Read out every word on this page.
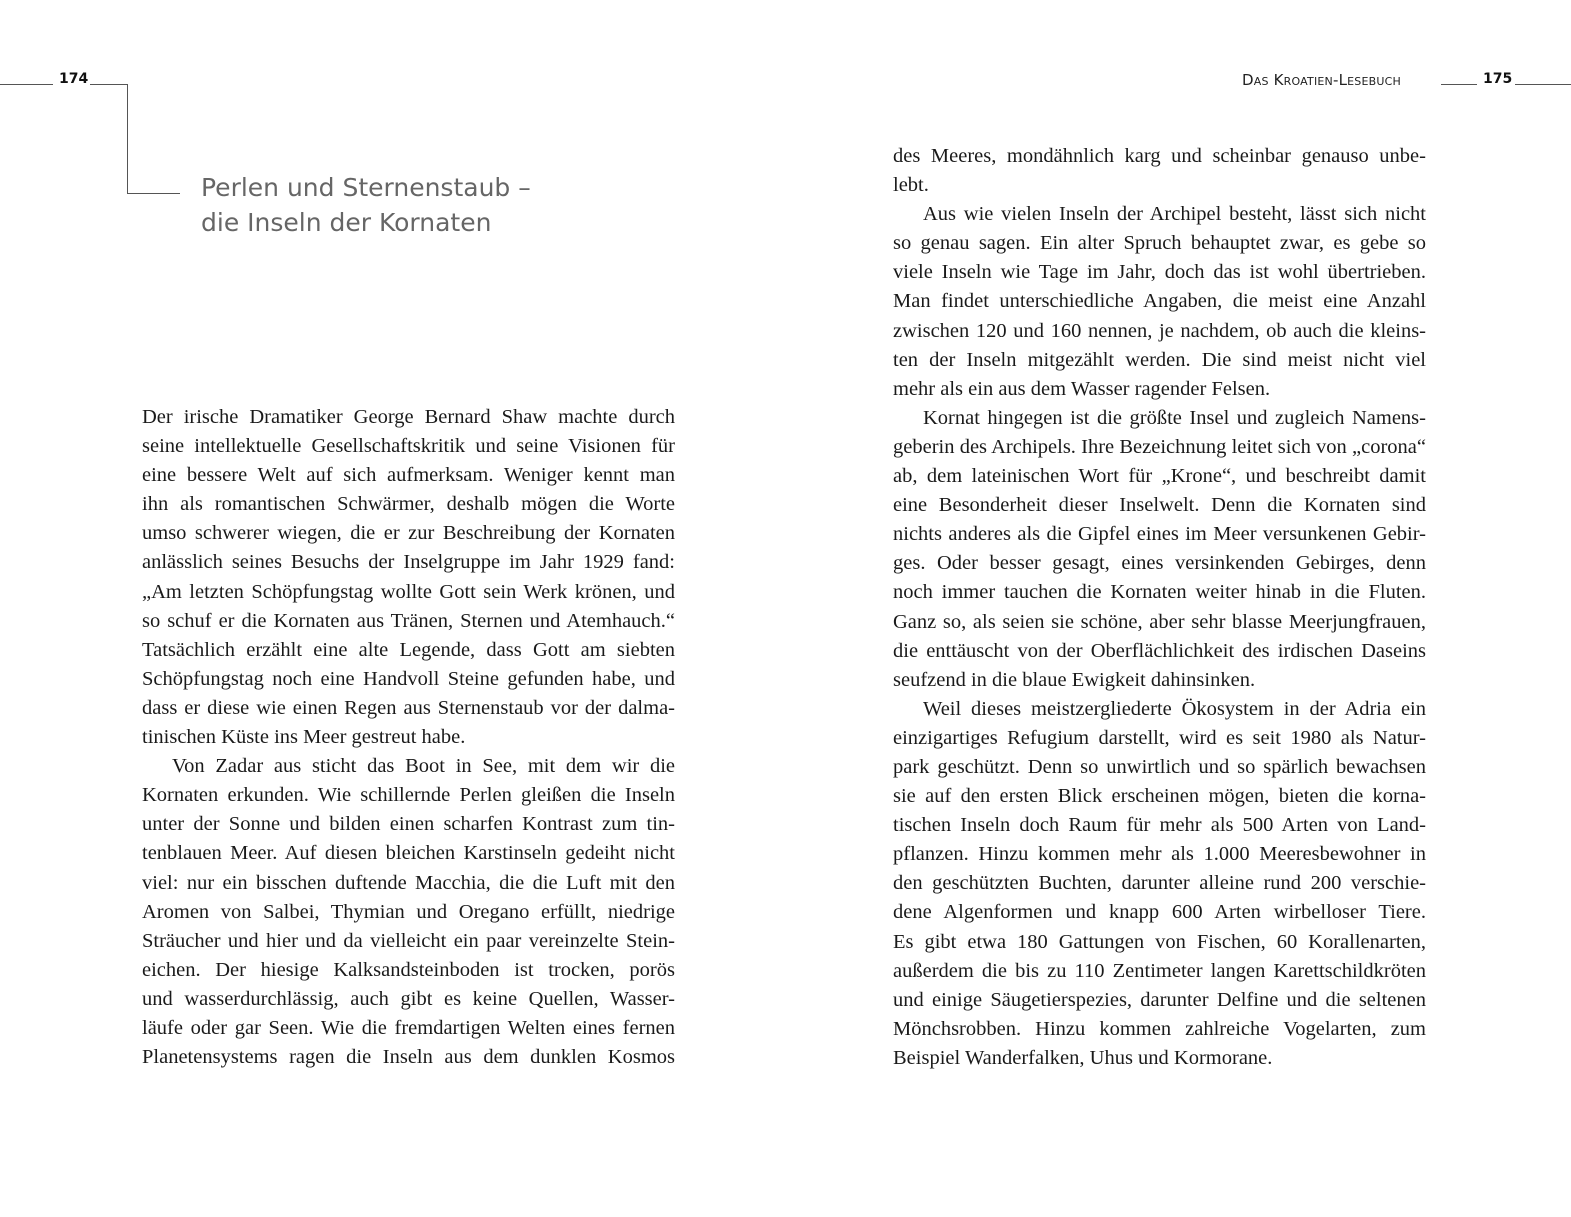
174
Perlen und Sternenstaub –
die Inseln der Kornaten
Das Kroatien-Lesebuch	175
Der irische Dramatiker George Bernard Shaw machte durch
seine intellektuelle Gesellschaftskritik und seine Visionen für
eine bessere Welt auf sich aufmerksam. Weniger kennt man
ihn als romantischen Schwärmer, deshalb mögen die Worte
umso schwerer wiegen, die er zur Beschreibung der Kornaten
anlässlich seines Besuchs der Inselgruppe im Jahr 1929 fand:
„Am letzten Schöpfungstag wollte Gott sein Werk krönen, und
so schuf er die Kornaten aus Tränen, Sternen und Atemhauch.“
Tatsächlich erzählt eine alte Legende, dass Gott am siebten
Schöpfungstag noch eine Handvoll Steine gefunden habe, und
dass er diese wie einen Regen aus Sternenstaub vor der dalma-
tinischen Küste ins Meer gestreut habe.
Von Zadar aus sticht das Boot in See, mit dem wir die
Kornaten erkunden. Wie schillernde Perlen gleißen die Inseln
unter der Sonne und bilden einen scharfen Kontrast zum tin-
tenblauen Meer. Auf diesen bleichen Karstinseln gedeiht nicht
viel: nur ein bisschen duftende Macchia, die die Luft mit den
Aromen von Salbei, Thymian und Oregano erfüllt, niedrige
Sträucher und hier und da vielleicht ein paar vereinzelte Stein-
eichen. Der hiesige Kalksandsteinboden ist trocken, porös
und wasserdurchlässig, auch gibt es keine Quellen, Wasser-
läufe oder gar Seen. Wie die fremdartigen Welten eines fernen
Planetensystems ragen die Inseln aus dem dunklen Kosmos
des Meeres, mondähnlich karg und scheinbar genauso unbe-
lebt.
Aus wie vielen Inseln der Archipel besteht, lässt sich nicht
so genau sagen. Ein alter Spruch behauptet zwar, es gebe so
viele Inseln wie Tage im Jahr, doch das ist wohl übertrieben.
Man findet unterschiedliche Angaben, die meist eine Anzahl
zwischen 120 und 160 nennen, je nachdem, ob auch die kleins-
ten der Inseln mitgezählt werden. Die sind meist nicht viel
mehr als ein aus dem Wasser ragender Felsen.
Kornat hingegen ist die größte Insel und zugleich Namens-
geberin des Archipels. Ihre Bezeichnung leitet sich von „corona“
ab, dem lateinischen Wort für „Krone“, und beschreibt damit
eine Besonderheit dieser Inselwelt. Denn die Kornaten sind
nichts anderes als die Gipfel eines im Meer versunkenen Gebir-
ges. Oder besser gesagt, eines versinkenden Gebirges, denn
noch immer tauchen die Kornaten weiter hinab in die Fluten.
Ganz so, als seien sie schöne, aber sehr blasse Meerjungfrauen,
die enttäuscht von der Oberflächlichkeit des irdischen Daseins
seufzend in die blaue Ewigkeit dahinsinken.
Weil dieses meistzergliederte Ökosystem in der Adria ein
einzigartiges Refugium darstellt, wird es seit 1980 als Natur-
park geschützt. Denn so unwirtlich und so spärlich bewachsen
sie auf den ersten Blick erscheinen mögen, bieten die korna-
tischen Inseln doch Raum für mehr als 500 Arten von Land-
pflanzen. Hinzu kommen mehr als 1.000 Meeresbewohner in
den geschützten Buchten, darunter alleine rund 200 verschie-
dene Algenformen und knapp 600 Arten wirbelloser Tiere.
Es gibt etwa 180 Gattungen von Fischen, 60 Korallenarten,
außerdem die bis zu 110 Zentimeter langen Karettschildkröten
und einige Säugetierspezies, darunter Delfine und die seltenen
Mönchsrobben. Hinzu kommen zahlreiche Vogelarten, zum
Beispiel Wanderfalken, Uhus und Kormorane.
